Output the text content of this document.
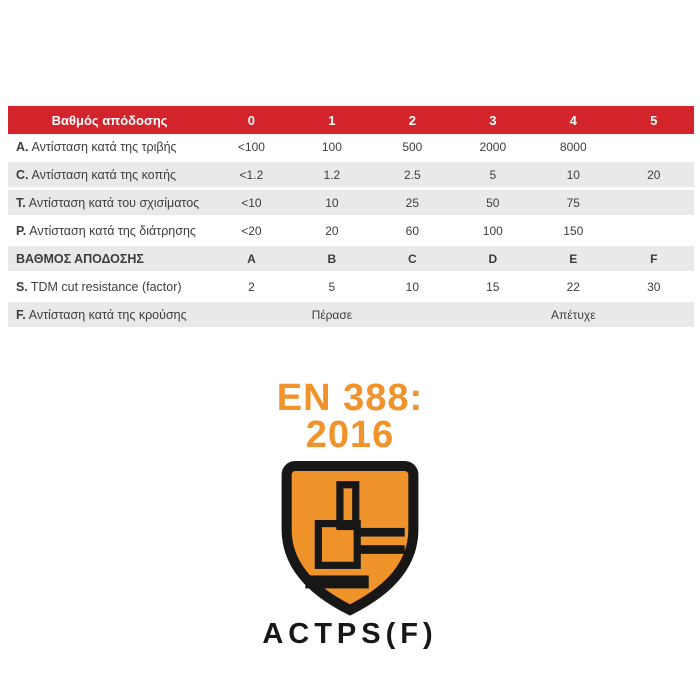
Βαθμός απόδοσης	0	1	2	3	4	5
A. Αντίσταση κατά της τριβής	<100	100	500	2000	8000	
C. Αντίσταση κατά της κοπής	<1.2	1.2	2.5	5	10	20
T. Αντίσταση κατά του σχισίματος	<10	10	25	50	75	
P. Αντίσταση κατά της διάτρησης	<20	20	60	100	150	
ΒΑΘΜΟΣ ΑΠΟΔΟΣΗΣ	A	B	C	D	E	F
S. TDM cut resistance (factor)	2	5	10	15	22	30
F. Αντίσταση κατά της κρούσης	Πέρασε			Απέτυχε		
EN 388:
2016
ACTPS(F)
